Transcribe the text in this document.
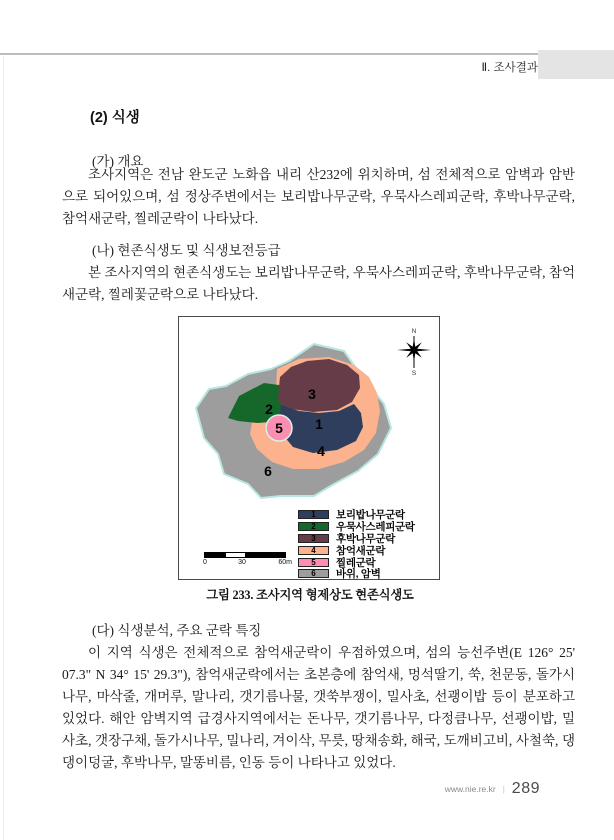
Ⅱ. 조사결과
(2) 식생
(가) 개요
조사지역은 전남 완도군 노화읍 내리 산232에 위치하며, 섬 전체적으로 암벽과 암반으로 되어있으며, 섬 정상주변에서는 보리밥나무군락, 우묵사스레피군락, 후박나무군락, 참억새군락, 찔레군락이 나타났다.
(나) 현존식생도 및 식생보전등급
본 조사지역의 현존식생도는 보리밥나무군락, 우묵사스레피군락, 후박나무군락, 참억새군락, 찔레꽃군락으로 나타났다.
1
2
3
4
5
6
N
S
1 보리밥나무군락
2 우묵사스레피군락
3 후박나무군락
4 참억새군락
5 찔레군락
6 바위, 암벽
0	30	60m
그림 233. 조사지역 형제상도 현존식생도
(다) 식생분석, 주요 군락 특징
이 지역 식생은 전체적으로 참억새군락이 우점하였으며, 섬의 능선주변(E 126° 25' 07.3" N 34° 15' 29.3"), 참억새군락에서는 초본층에 참억새, 멍석딸기, 쑥, 천문동, 돌가시나무, 마삭줄, 개머루, 말나리, 갯기름나물, 갯쑥부쟁이, 밀사초, 선괭이밥 등이 분포하고 있었다. 해안 암벽지역 급경사지역에서는 돈나무, 갯기름나무, 다정큼나무, 선괭이밥, 밀사초, 갯장구채, 돌가시나무, 밀나리, 겨이삭, 무릇, 땅채송화, 해국, 도깨비고비, 사철쑥, 댕댕이덩굴, 후박나무, 말똥비름, 인동 등이 나타나고 있었다.
www.nie.re.kr | 289
